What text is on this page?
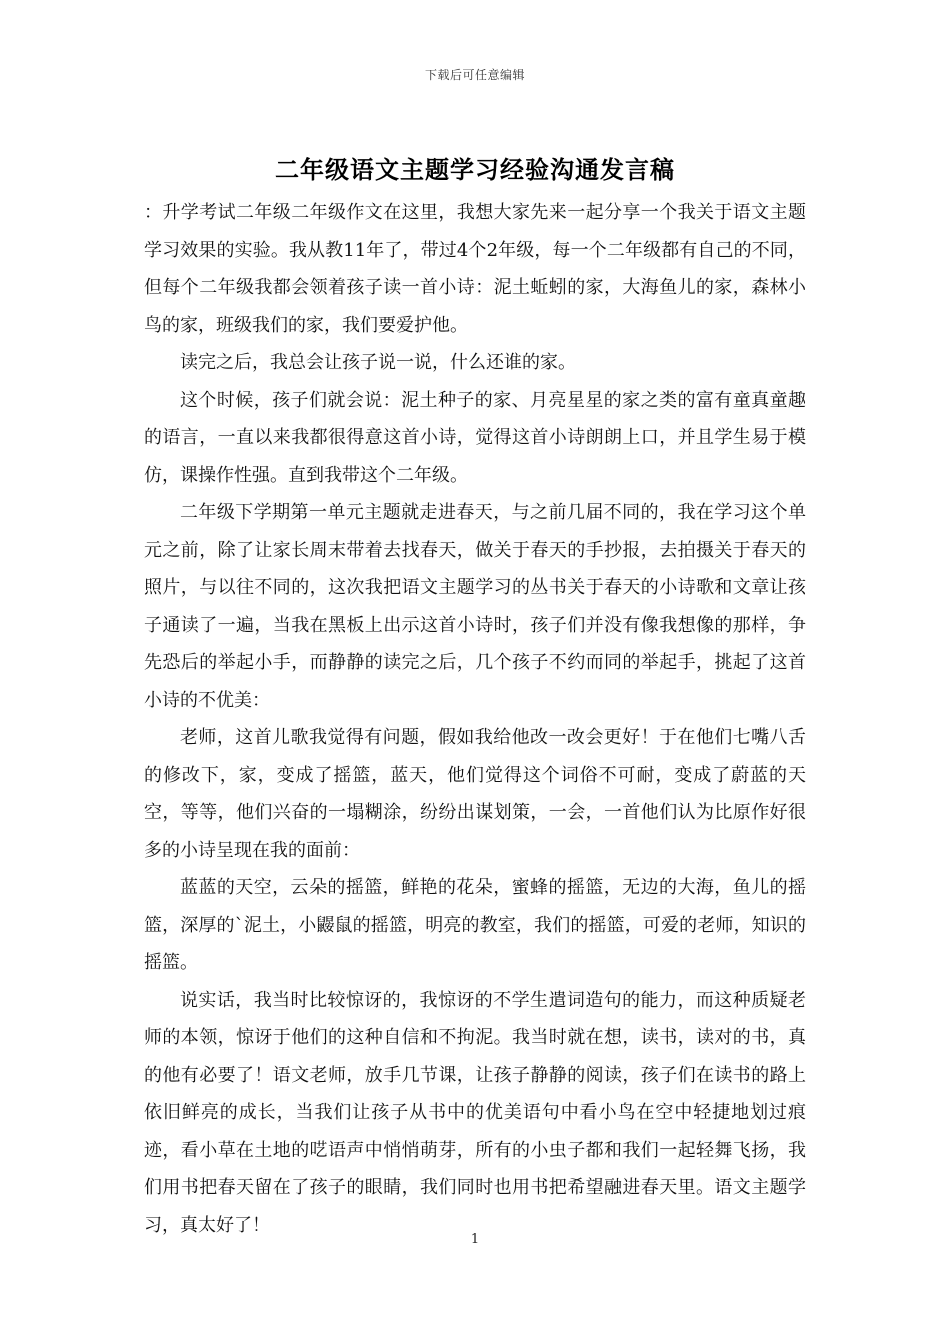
下载后可任意编辑
二年级语文主题学习经验沟通发言稿

：升学考试二年级二年级作文在这里，我想大家先来一起分享一个我关于语文主题学习效果的实验。我从教11年了，带过4个2年级，每一个二年级都有自己的不同，但每个二年级我都会领着孩子读一首小诗：泥土蚯蚓的家，大海鱼儿的家，森林小鸟的家，班级我们的家，我们要爱护他。

读完之后，我总会让孩子说一说，什么还谁的家。

这个时候，孩子们就会说：泥土种子的家、月亮星星的家之类的富有童真童趣的语言，一直以来我都很得意这首小诗，觉得这首小诗朗朗上口，并且学生易于模仿，课操作性强。直到我带这个二年级。

二年级下学期第一单元主题就走进春天，与之前几届不同的，我在学习这个单元之前，除了让家长周末带着去找春天，做关于春天的手抄报，去拍摄关于春天的照片，与以往不同的，这次我把语文主题学习的丛书关于春天的小诗歌和文章让孩子通读了一遍，当我在黑板上出示这首小诗时，孩子们并没有像我想像的那样，争先恐后的举起小手，而静静的读完之后，几个孩子不约而同的举起手，挑起了这首小诗的不优美：

老师，这首儿歌我觉得有问题，假如我给他改一改会更好！于在他们七嘴八舌的修改下，家，变成了摇篮，蓝天，他们觉得这个词俗不可耐，变成了蔚蓝的天空，等等，他们兴奋的一塌糊涂，纷纷出谋划策，一会，一首他们认为比原作好很多的小诗呈现在我的面前：

蓝蓝的天空，云朵的摇篮，鲜艳的花朵，蜜蜂的摇篮，无边的大海，鱼儿的摇篮，深厚的`泥土，小鼹鼠的摇篮，明亮的教室，我们的摇篮，可爱的老师，知识的摇篮。

说实话，我当时比较惊讶的，我惊讶的不学生遣词造句的能力，而这种质疑老师的本领，惊讶于他们的这种自信和不拘泥。我当时就在想，读书，读对的书，真的他有必要了！语文老师，放手几节课，让孩子静静的阅读，孩子们在读书的路上依旧鲜亮的成长，当我们让孩子从书中的优美语句中看小鸟在空中轻捷地划过痕迹，看小草在土地的呓语声中悄悄萌芽，所有的小虫子都和我们一起轻舞飞扬，我们用书把春天留在了孩子的眼睛，我们同时也用书把希望融进春天里。语文主题学习，真太好了！

1
